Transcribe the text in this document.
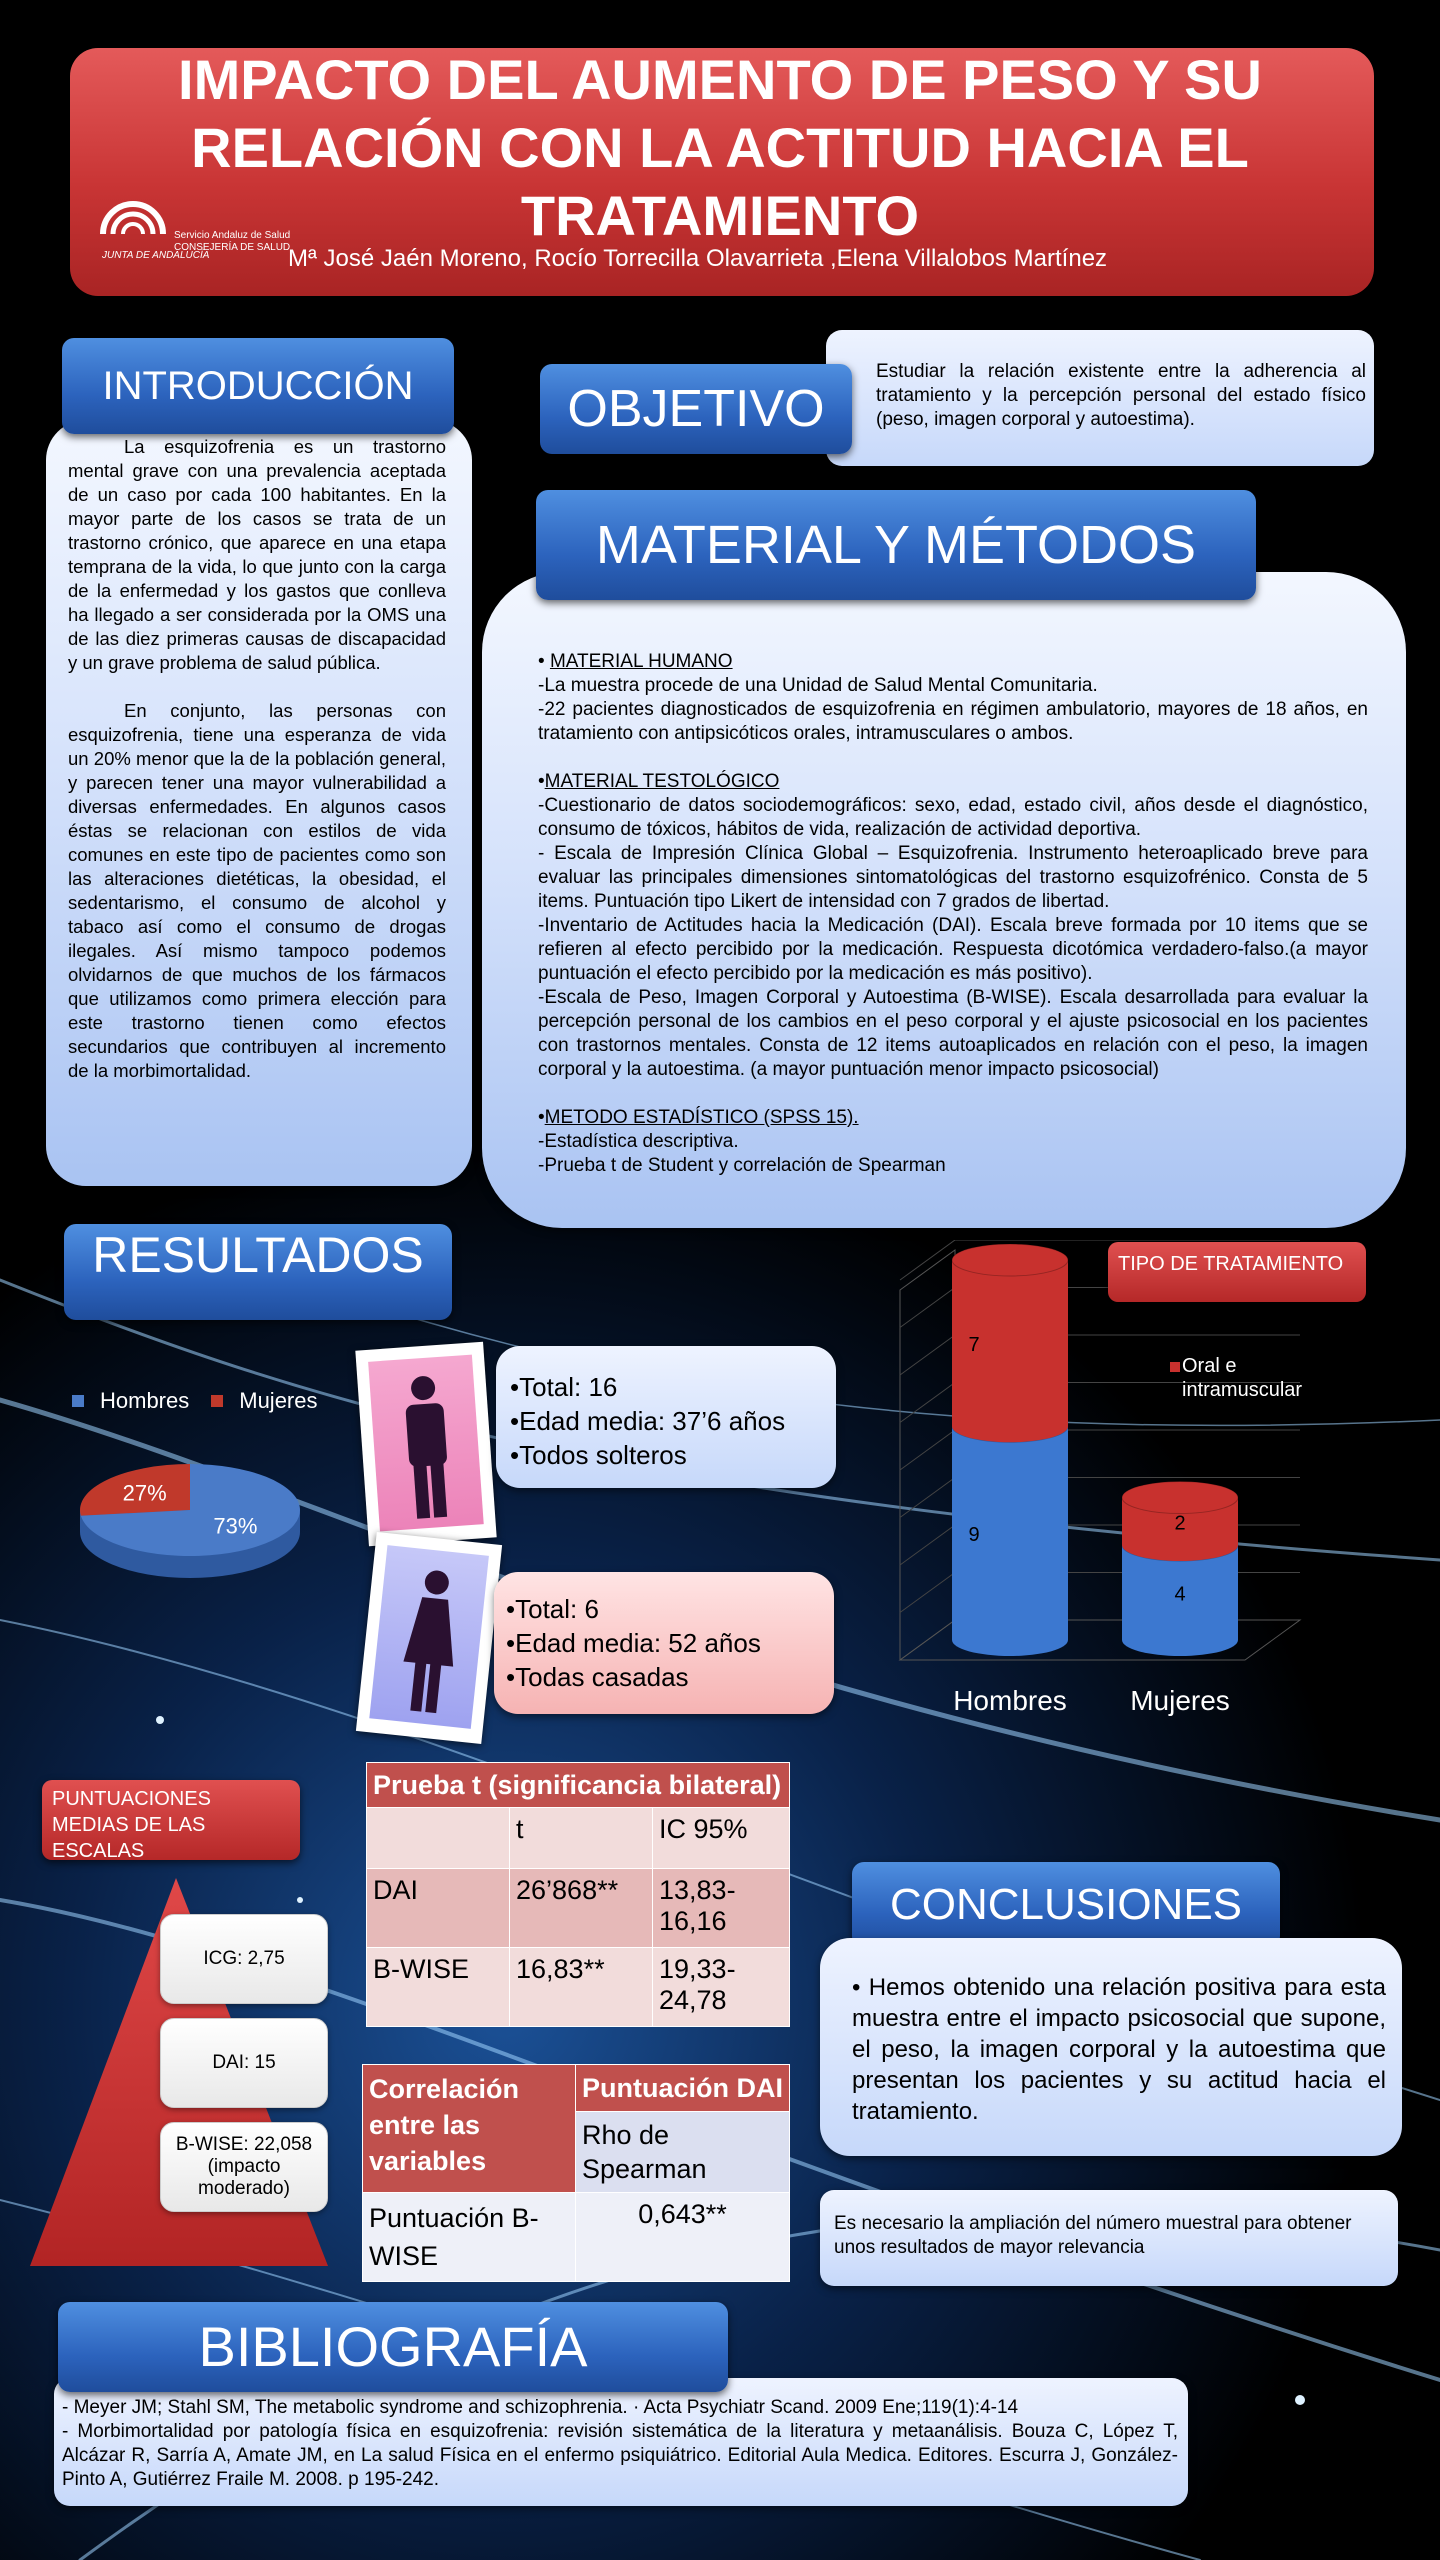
IMPACTO DEL AUMENTO DE PESO Y SU
RELACIÓN CON LA ACTITUD HACIA EL
TRATAMIENTO
Servicio Andaluz de Salud
CONSEJERÍA DE SALUD
JUNTA DE ANDALUCÍA	Mª José Jaén Moreno, Rocío Torrecilla Olavarrieta ,Elena Villalobos Martínez
INTRODUCCIÓN

La esquizofrenia es un trastorno mental grave con una prevalencia aceptada de un caso por cada 100 habitantes. En la mayor parte de los casos se trata de un trastorno crónico, que aparece en una etapa temprana de la vida, lo que junto con la carga de la enfermedad y los gastos que conlleva ha llegado a ser considerada por la OMS una de las diez primeras causas de discapacidad y un grave problema de salud pública.

En conjunto, las personas con esquizofrenia, tiene una esperanza de vida un 20% menor que la de la población general, y parecen tener una mayor vulnerabilidad a diversas enfermedades. En algunos casos éstas se relacionan con estilos de vida comunes en este tipo de pacientes como son las alteraciones dietéticas, la obesidad, el sedentarismo, el consumo de alcohol y tabaco así como el consumo de drogas ilegales. Así mismo tampoco podemos olvidarnos de que muchos de los fármacos que utilizamos como primera elección para este trastorno tienen como efectos secundarios que contribuyen al incremento de la morbimortalidad.

Estudiar la relación existente entre la adherencia al tratamiento y la percepción personal del estado físico (peso, imagen corporal y autoestima).
OBJETIVO
MATERIAL Y MÉTODOS

• MATERIAL HUMANO

-La muestra procede de una Unidad de Salud Mental Comunitaria.

-22 pacientes diagnosticados de esquizofrenia en régimen ambulatorio, mayores de 18 años, en tratamiento con antipsicóticos orales, intramusculares o ambos.

•MATERIAL TESTOLÓGICO

-Cuestionario de datos sociodemográficos: sexo, edad, estado civil, años desde el diagnóstico, consumo de tóxicos, hábitos de vida, realización de actividad deportiva.

- Escala de Impresión Clínica Global – Esquizofrenia. Instrumento heteroaplicado breve para evaluar las principales dimensiones sintomatológicas del trastorno esquizofrénico. Consta de 5 items. Puntuación tipo Likert de intensidad con 7 grados de libertad.

-Inventario de Actitudes hacia la Medicación (DAI). Escala breve formada por 10 items que se refieren al efecto percibido por la medicación. Respuesta dicotómica verdadero-falso.(a mayor puntuación el efecto percibido por la medicación es más positivo).

-Escala de Peso, Imagen Corporal y Autoestima (B-WISE). Escala desarrollada para evaluar la percepción personal de los cambios en el peso corporal y el ajuste psicosocial en los pacientes con trastornos mentales. Consta de 12 items autoaplicados en relación con el peso, la imagen corporal y la autoestima. (a mayor puntuación menor impacto psicosocial)

•METODO ESTADÍSTICO (SPSS 15).

-Estadística descriptiva.

-Prueba t de Student y correlación de Spearman

RESULTADOS
Hombres Mujeres
27%
73%
•Total: 16
•Edad media: 37’6 años
•Todos solteros
•Total: 6
•Edad media: 52 años
•Todas casadas
9
7
Hombres
4
2
Mujeres
Oral e intramuscular
TIPO DE TRATAMIENTO
PUNTUACIONES MEDIAS DE LAS ESCALAS
ICG: 2,75
DAI: 15
B-WISE: 22,058
(impacto
moderado)
Prueba t (significancia bilateral)		
	t	IC 95%
DAI	26’868**	13,83-16,16
B-WISE	16,83**	19,33-24,78
Correlación entre las variables	Puntuación DAI
	Rho de Spearman
Puntuación B-WISE	0,643**
CONCLUSIONES
• Hemos obtenido una relación positiva para esta muestra entre el impacto psicosocial que supone, el peso, la imagen corporal y la autoestima que presentan los pacientes y su actitud hacia el tratamiento.
Es necesario la ampliación del número muestral para obtener unos resultados de mayor relevancia
BIBLIOGRAFÍA
- Meyer JM; Stahl SM, The metabolic syndrome and schizophrenia. · Acta Psychiatr Scand. 2009 Ene;119(1):4-14
- Morbimortalidad por patología física en esquizofrenia: revisión sistemática de la literatura y metaanálisis. Bouza C, López T, Alcázar R, Sarría A, Amate JM, en La salud Física en el enfermo psiquiátrico. Editorial Aula Medica. Editores. Escurra J, González-Pinto A, Gutiérrez Fraile M. 2008. p 195-242.
